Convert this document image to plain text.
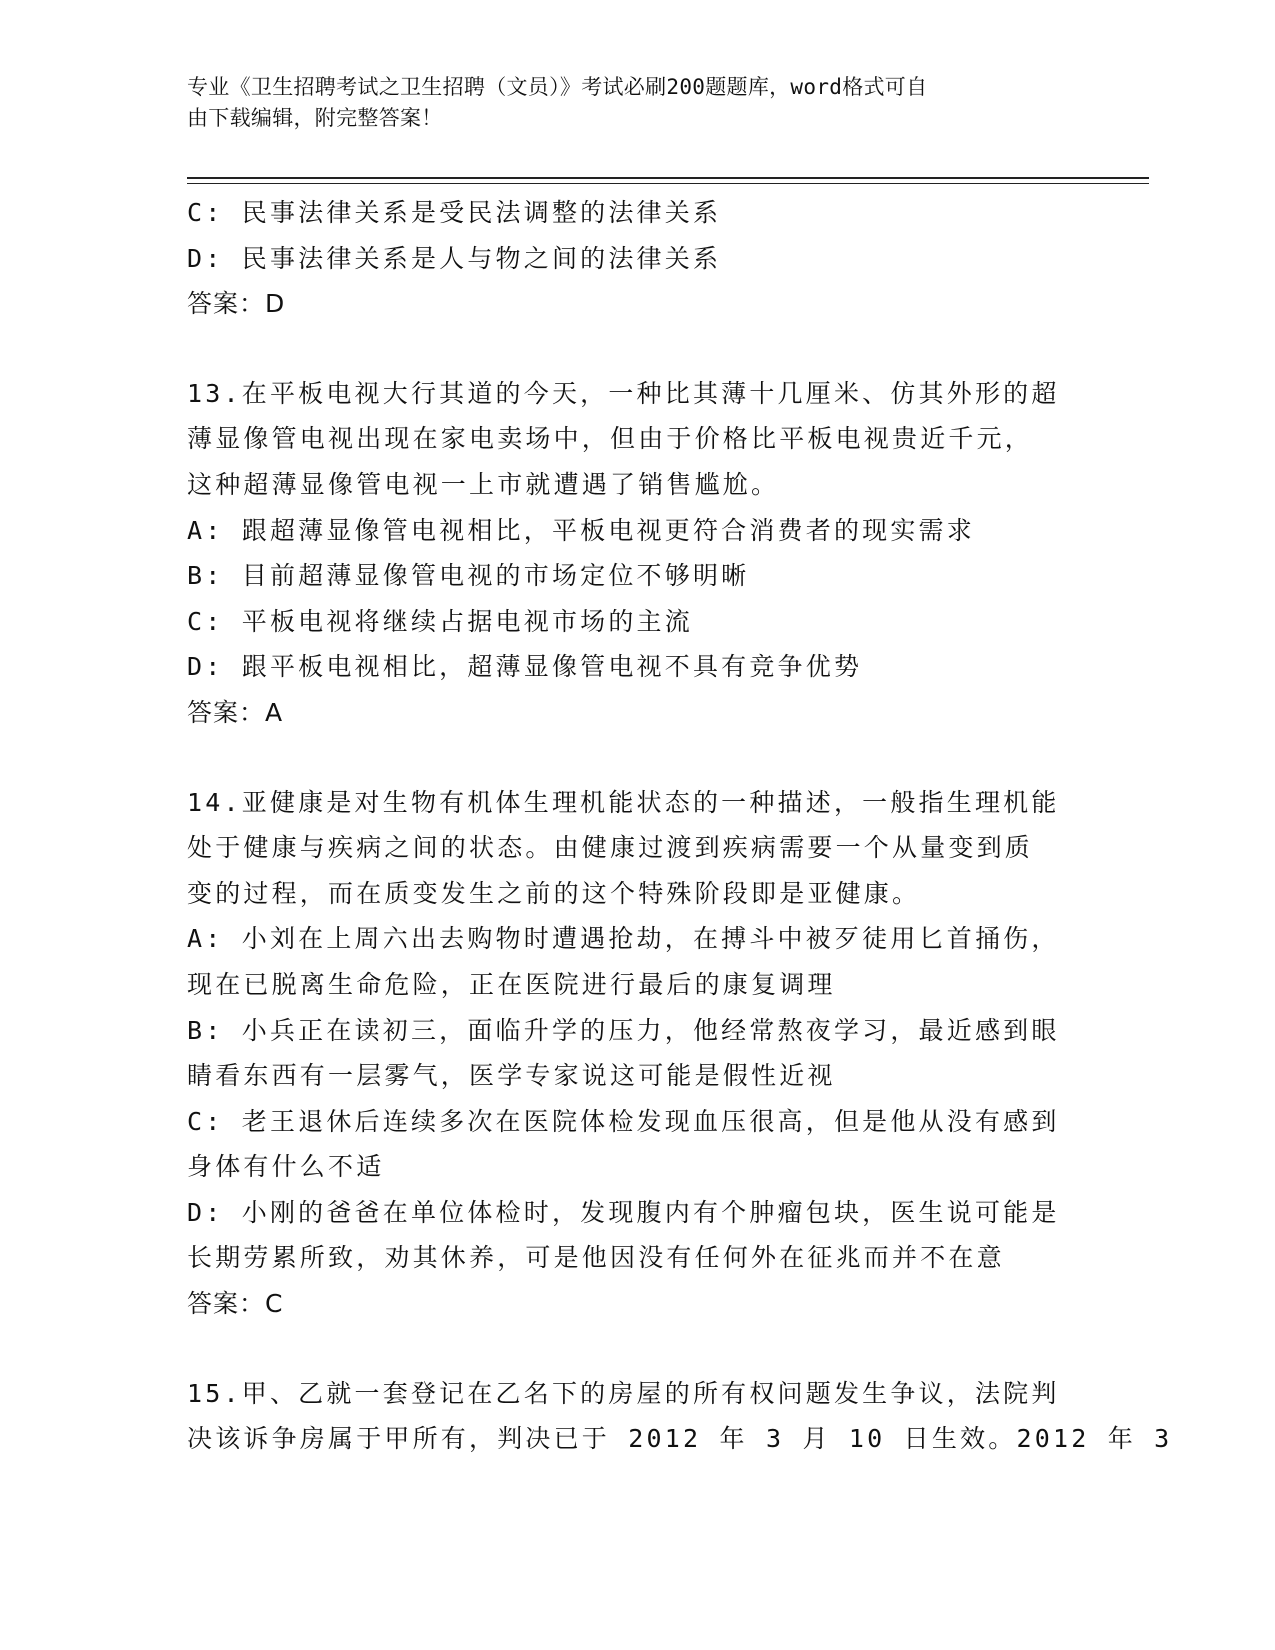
专业《卫生招聘考试之卫生招聘（文员）》考试必刷200题题库，word格式可自
由下载编辑，附完整答案！
C: 民事法律关系是受民法调整的法律关系
D: 民事法律关系是人与物之间的法律关系
答案：D
13.在平板电视大行其道的今天，一种比其薄十几厘米、仿其外形的超
薄显像管电视出现在家电卖场中，但由于价格比平板电视贵近千元，
这种超薄显像管电视一上市就遭遇了销售尴尬。
A: 跟超薄显像管电视相比，平板电视更符合消费者的现实需求
B: 目前超薄显像管电视的市场定位不够明晰
C: 平板电视将继续占据电视市场的主流
D: 跟平板电视相比，超薄显像管电视不具有竞争优势
答案：A
14.亚健康是对生物有机体生理机能状态的一种描述，一般指生理机能
处于健康与疾病之间的状态。由健康过渡到疾病需要一个从量变到质
变的过程，而在质变发生之前的这个特殊阶段即是亚健康。
A: 小刘在上周六出去购物时遭遇抢劫，在搏斗中被歹徒用匕首捅伤，
现在已脱离生命危险，正在医院进行最后的康复调理
B: 小兵正在读初三，面临升学的压力，他经常熬夜学习，最近感到眼
睛看东西有一层雾气，医学专家说这可能是假性近视
C: 老王退休后连续多次在医院体检发现血压很高，但是他从没有感到
身体有什么不适
D: 小刚的爸爸在单位体检时，发现腹内有个肿瘤包块，医生说可能是
长期劳累所致，劝其休养，可是他因没有任何外在征兆而并不在意
答案：C
15.甲、乙就一套登记在乙名下的房屋的所有权问题发生争议，法院判
决该诉争房属于甲所有，判决已于 2012 年 3 月 10 日生效。2012 年 3
